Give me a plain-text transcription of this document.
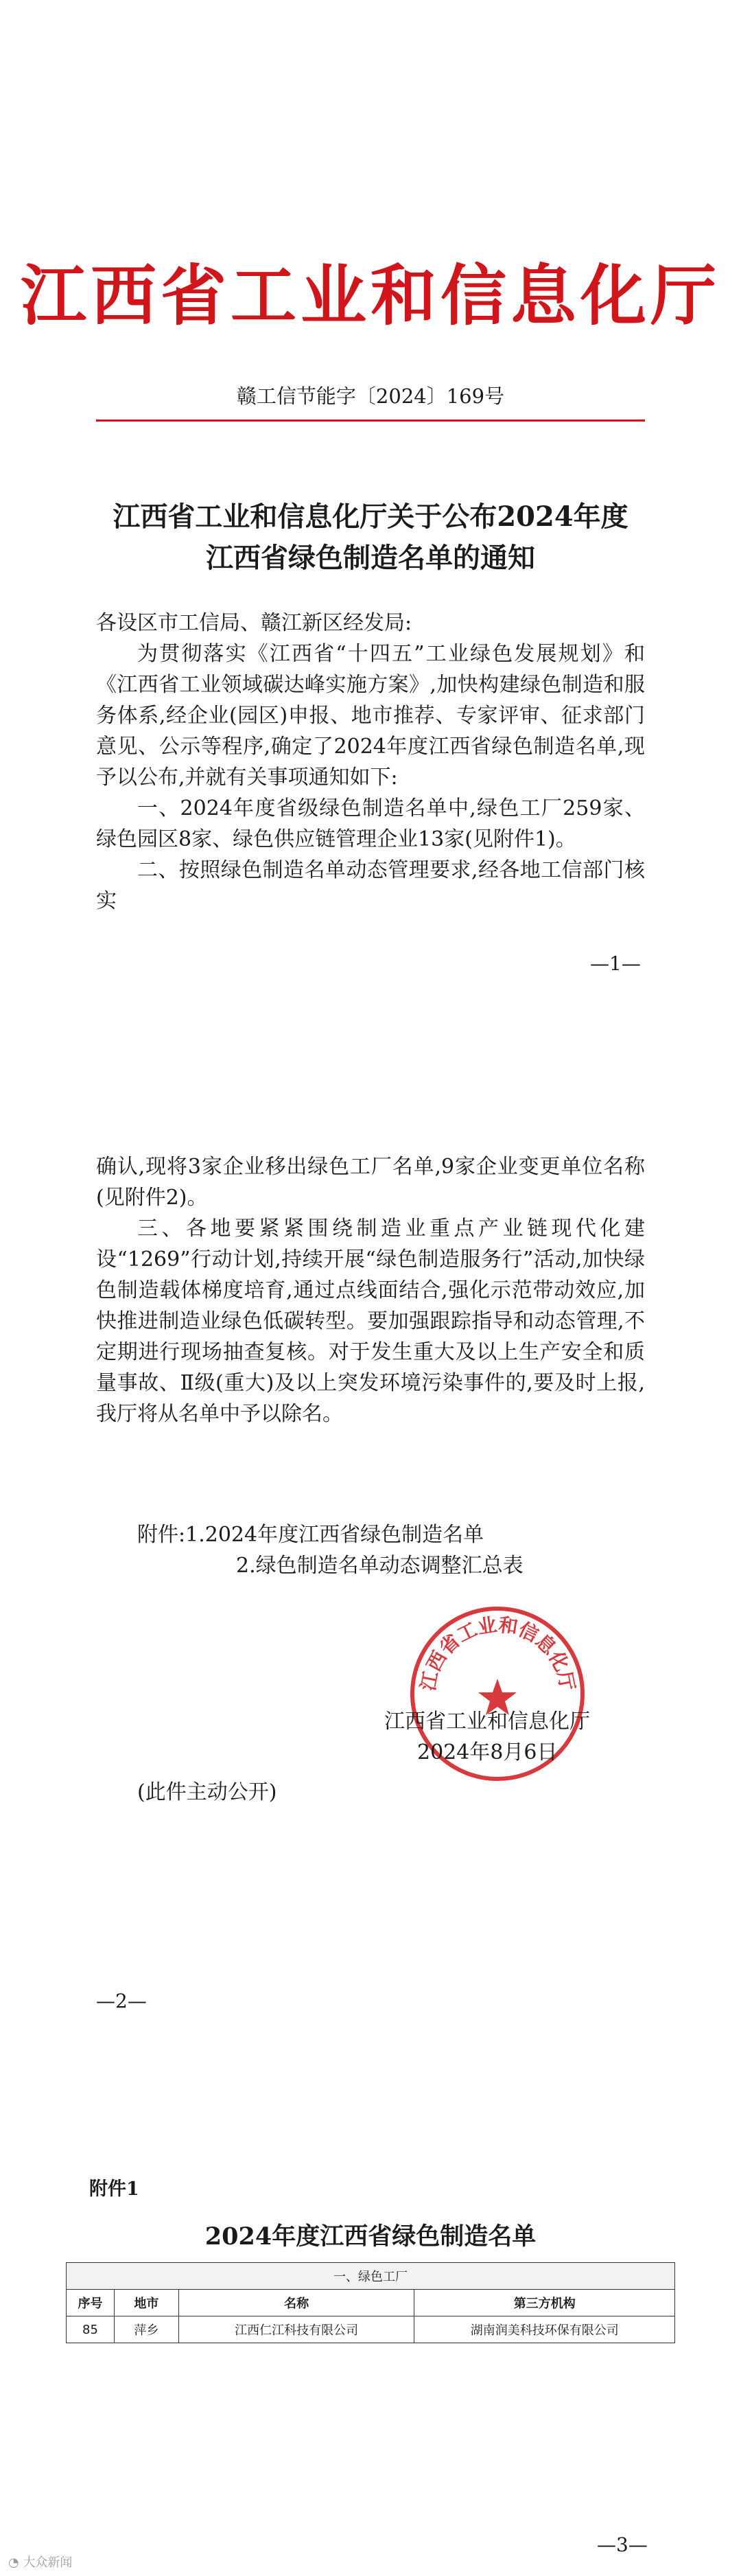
江西省工业和信息化厅
赣工信节能字〔2024〕169号
江西省工业和信息化厅关于公布2024年度
江西省绿色制造名单的通知
各设区市工信局、赣江新区经发局:
为贯彻落实《江西省“十四五”工业绿色发展规划》和《江西省工业领域碳达峰实施方案》,加快构建绿色制造和服务体系,经企业(园区)申报、地市推荐、专家评审、征求部门意见、公示等程序,确定了2024年度江西省绿色制造名单,现予以公布,并就有关事项通知如下:
一、2024年度省级绿色制造名单中,绿色工厂259家、绿色园区8家、绿色供应链管理企业13家(见附件1)。
二、按照绿色制造名单动态管理要求,经各地工信部门核实
—1—
确认,现将3家企业移出绿色工厂名单,9家企业变更单位名称(见附件2)。
三、各地要紧紧围绕制造业重点产业链现代化建设“1269”行动计划,持续开展“绿色制造服务行”活动,加快绿色制造载体梯度培育,通过点线面结合,强化示范带动效应,加快推进制造业绿色低碳转型。要加强跟踪指导和动态管理,不定期进行现场抽查复核。对于发生重大及以上生产安全和质量事故、Ⅱ级(重大)及以上突发环境污染事件的,要及时上报,我厅将从名单中予以除名。
附件:1.2024年度江西省绿色制造名单
2.绿色制造名单动态调整汇总表
江西省工业和信息化厅
江西省工业和信息化厅
2024年8月6日
(此件主动公开)
—2—
附件1
2024年度江西省绿色制造名单
一、绿色工厂			
序号	地市	名称	第三方机构
85	萍乡	江西仁江科技有限公司	湖南润美科技环保有限公司
—3—
◔ 大众新闻
